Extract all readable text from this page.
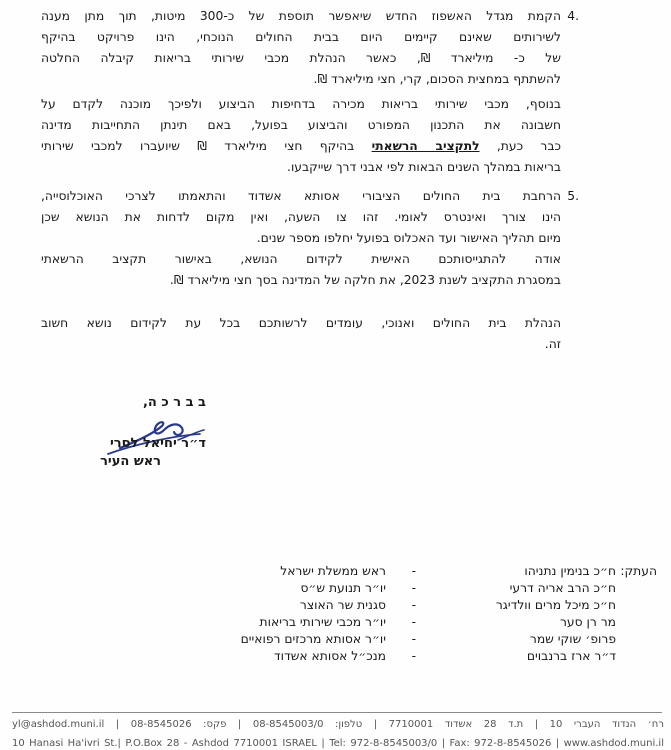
4.
הקמת מגדל האשפוז החדש שיאפשר תוספת של כ-300 מיטות, תוך מתן מענה
לשירותים שאינם קיימים היום בבית החולים הנוכחי, הינו פרויקט בהיקף
של כ- מיליארד ₪, כאשר הנהלת מכבי שירותי בריאות קיבלה החלטה
להשתתף במחצית הסכום, קרי, חצי מיליארד ₪.
בנוסף, מכבי שירותי בריאות מכירה בדחיפות הביצוע ולפיכך מוכנה לקדם על
חשבונה את התכנון המפורט והביצוע בפועל, באם תינתן התחייבות מדינה
כבר כעת, לתקציב הרשאתי בהיקף חצי מיליארד ₪ שיועברו למכבי שירותי
בריאות במהלך השנים הבאות לפי אבני דרך שייקבעו.
5.
הרחבת בית החולים הציבורי אסותא אשדוד והתאמתו לצרכי האוכלוסייה,
הינו צורך ואינטרס לאומי. זהו צו השעה, ואין מקום לדחות את הנושא שכן
מיום תהליך האישור ועד האכלוס בפועל יחלפו מספר שנים.
אודה להתגייסותכם האישית לקידום הנושא, באישור תקציב הרשאתי
במסגרת התקציב לשנת 2023, את חלקה של המדינה בסך חצי מיליארד ₪.
הנהלת בית החולים ואנוכי, עומדים לרשותכם בכל עת לקידום נושא חשוב
זה.
ב ב ר כ ה,
ד״ר יחיאל לסרי
ראש העיר
העתק:
ח״כ בנימין נתניהו
-
ראש ממשלת ישראל
ח״כ הרב אריה דרעי
-
יו״ר תנועת ש״ס
ח״כ מיכל מרים וולדיגר
-
סגנית שר האוצר
מר רן סער
-
יו״ר מכבי שירותי בריאות
פרופ׳ שוקי שמר
-
יו״ר אסותא מרכזים רפואיים
ד״ר ארז ברנבוים
-
מנכ״ל אסותא אשדוד
רח׳ הנדוד העברי 10 | ת.ד 28 אשדוד 7710001 | טלפון: 08-8545003/0 | פקס: 08-8545026 | yl@ashdod.muni.il
10 Hanasi Ha'ivri St.| P.O.Box 28 - Ashdod 7710001 ISRAEL | Tel: 972-8-8545003/0 | Fax: 972-8-8545026 | www.ashdod.muni.il
